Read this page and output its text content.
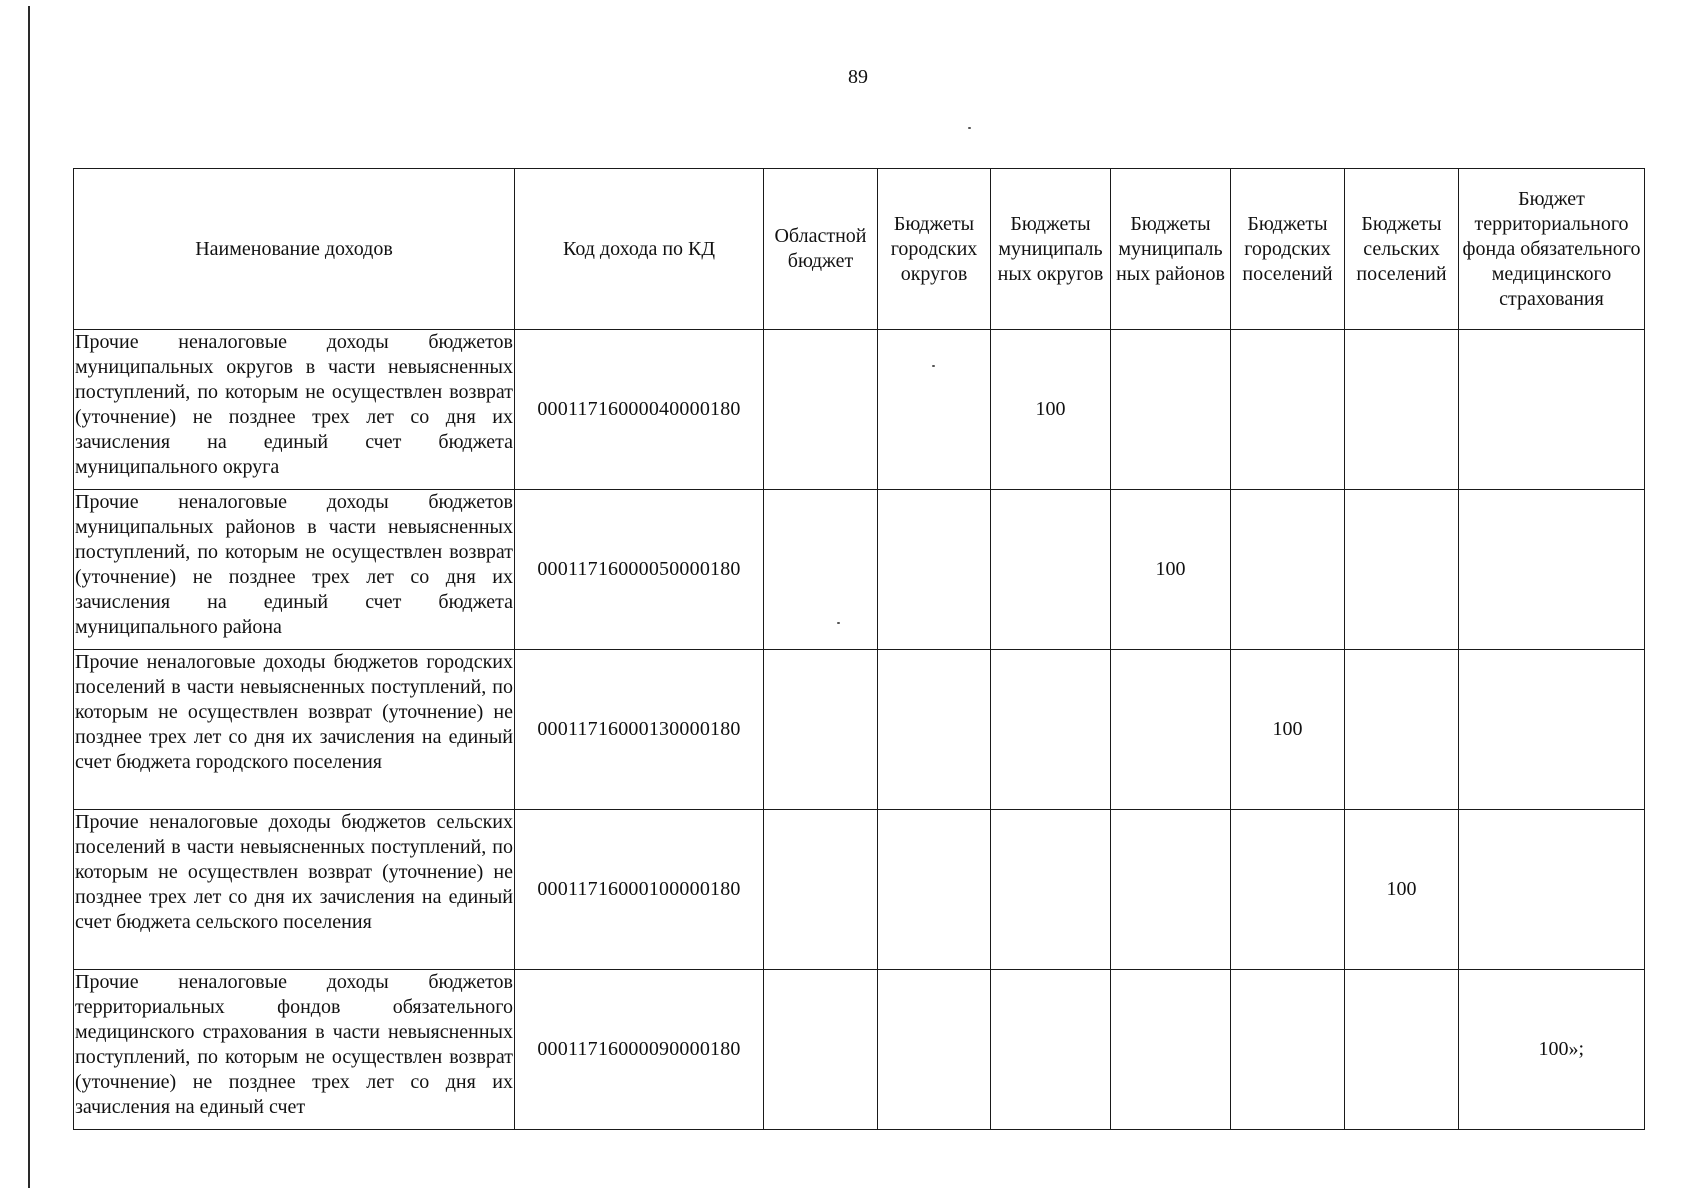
89
Наименование доходов	Код дохода по КД	Областной бюджет	Бюджеты городских округов	Бюджеты муниципаль ных округов	Бюджеты муниципаль ных районов	Бюджеты городских поселений	Бюджеты сельских поселений	Бюджет территориального фонда обязательного медицинского страхования
Прочие неналоговые доходы бюджетов муниципальных округов в части невыясненных поступлений, по которым не осуществлен возврат (уточнение) не позднее трех лет со дня их зачисления на единый счет бюджета муниципального округа	00011716000040000180			100				
Прочие неналоговые доходы бюджетов муниципальных районов в части невыясненных поступлений, по которым не осуществлен возврат (уточнение) не позднее трех лет со дня их зачисления на единый счет бюджета муниципального района	00011716000050000180				100			
Прочие неналоговые доходы бюджетов городских поселений в части невыясненных поступлений, по которым не осуществлен возврат (уточнение) не позднее трех лет со дня их зачисления на единый счет бюджета городского поселения	00011716000130000180					100		
Прочие неналоговые доходы бюджетов сельских поселений в части невыясненных поступлений, по которым не осуществлен возврат (уточнение) не позднее трех лет со дня их зачисления на единый счет бюджета сельского поселения	00011716000100000180						100	
Прочие неналоговые доходы бюджетов территориальных фондов обязательного медицинского страхования в части невыясненных поступлений, по которым не осуществлен возврат (уточнение) не позднее трех лет со дня их зачисления на единый счет	00011716000090000180							100»;
